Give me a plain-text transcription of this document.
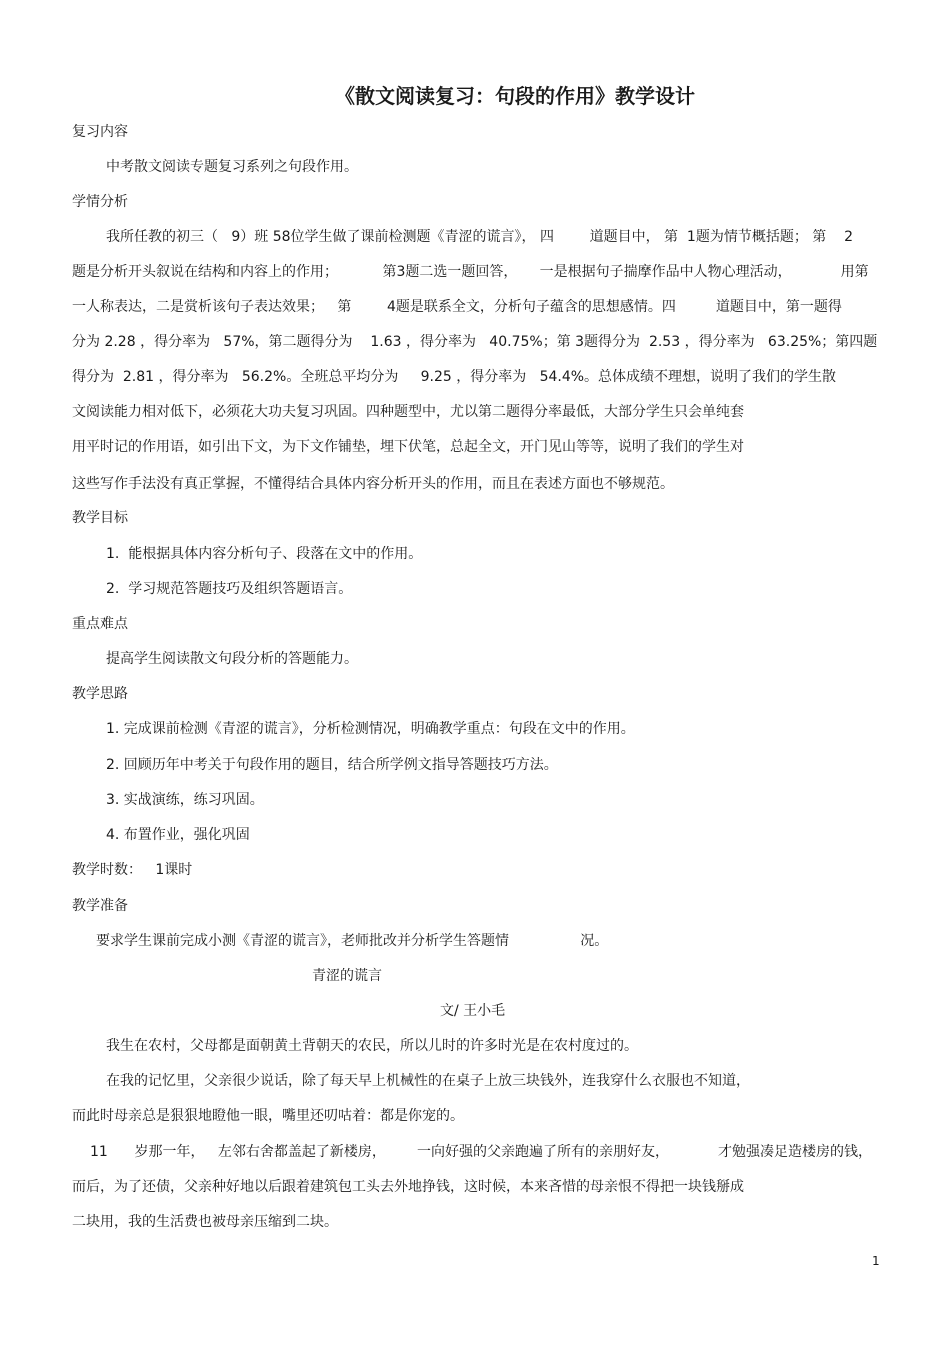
《散文阅读复习：句段的作用》教学设计

复习内容

中考散文阅读专题复习系列之句段作用。

学情分析

我所任教的初三（   9）班 58位学生做了课前检测题《青涩的谎言》， 四        道题目中， 第  1题为情节概括题； 第    2

题是分析开头叙说在结构和内容上的作用；          第3题二选一题回答，     一是根据句子揣摩作品中人物心理活动，           用第

一人称表达，二是赏析该句子表达效果；   第        4题是联系全文，分析句子蕴含的思想感情。四         道题目中，第一题得

分为 2.28 ，得分率为   57%，第二题得分为    1.63 ，得分率为   40.75%；第 3题得分为  2.53 ，得分率为   63.25%；第四题

得分为  2.81 ，得分率为   56.2%。全班总平均分为     9.25 ，得分率为   54.4%。总体成绩不理想，说明了我们的学生散

文阅读能力相对低下，必须花大功夫复习巩固。四种题型中，尤以第二题得分率最低，大部分学生只会单纯套

用平时记的作用语，如引出下文，为下文作铺垫，埋下伏笔，总起全文，开门见山等等，说明了我们的学生对

这些写作手法没有真正掌握，不懂得结合具体内容分析开头的作用，而且在表述方面也不够规范。

教学目标

1.  能根据具体内容分析句子、段落在文中的作用。

2.  学习规范答题技巧及组织答题语言。

重点难点

提高学生阅读散文句段分析的答题能力。

教学思路

1. 完成课前检测《青涩的谎言》，分析检测情况，明确教学重点：句段在文中的作用。

2. 回顾历年中考关于句段作用的题目，结合所学例文指导答题技巧方法。

3. 实战演练，练习巩固。

4. 布置作业，强化巩固

教学时数：   1课时

教学准备

要求学生课前完成小测《青涩的谎言》，老师批改并分析学生答题情                况。

青涩的谎言

文/ 王小毛

我生在农村，父母都是面朝黄土背朝天的农民，所以儿时的许多时光是在农村度过的。

在我的记忆里，父亲很少说话，除了每天早上机械性的在桌子上放三块钱外，连我穿什么衣服也不知道，

而此时母亲总是狠狠地瞪他一眼，嘴里还叨咕着：都是你宠的。

11      岁那一年，   左邻右舍都盖起了新楼房，       一向好强的父亲跑遍了所有的亲朋好友，           才勉强凑足造楼房的钱，

而后，为了还债，父亲种好地以后跟着建筑包工头去外地挣钱，这时候，本来吝惜的母亲恨不得把一块钱掰成

二块用，我的生活费也被母亲压缩到二块。

1
